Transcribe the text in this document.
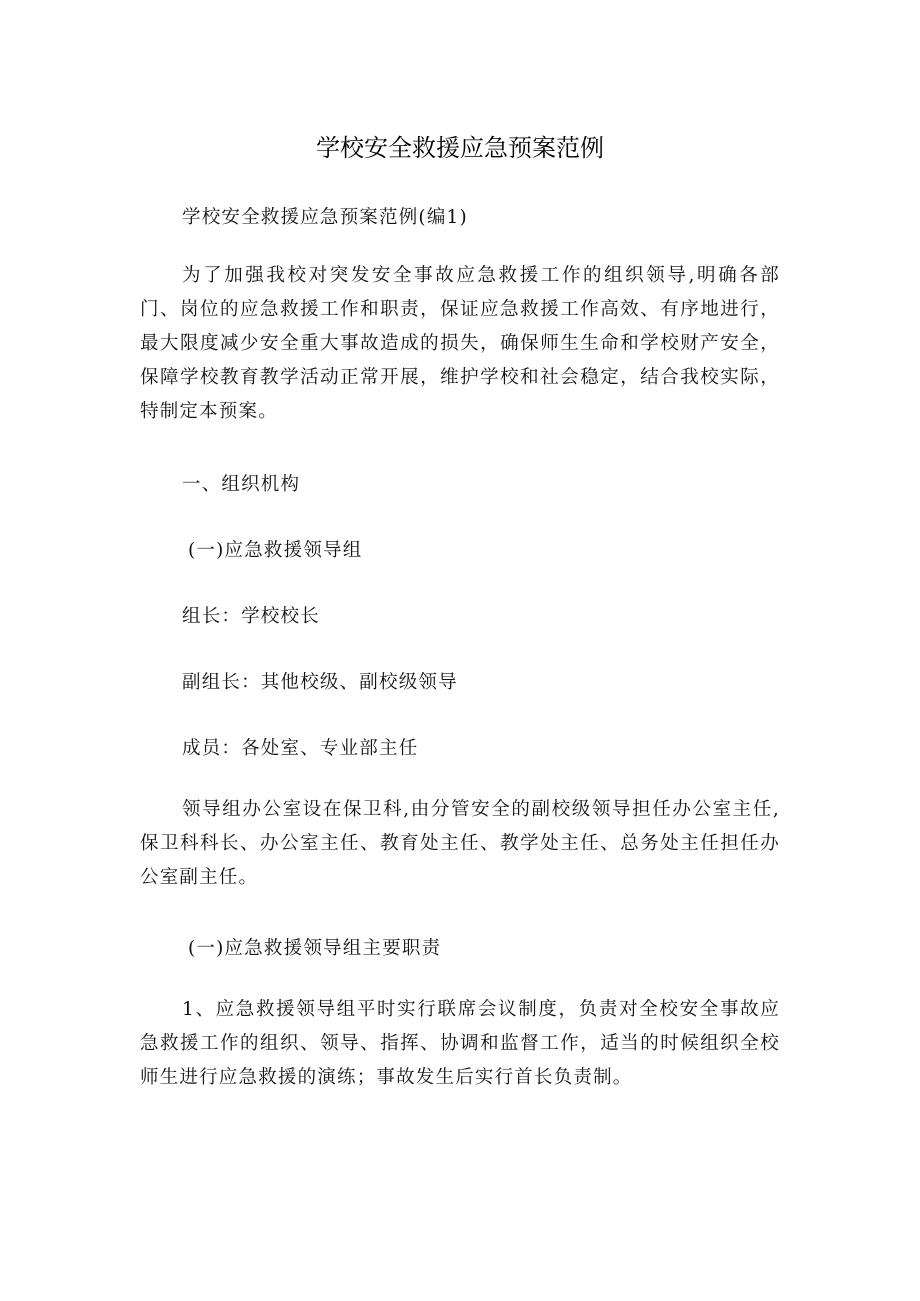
学校安全救援应急预案范例
学校安全救援应急预案范例(编1)
为了加强我校对突发安全事故应急救援工作的组织领导,明确各部门、岗位的应急救援工作和职责，保证应急救援工作高效、有序地进行，最大限度减少安全重大事故造成的损失，确保师生生命和学校财产安全，保障学校教育教学活动正常开展，维护学校和社会稳定，结合我校实际，特制定本预案。
一、组织机构
(一)应急救援领导组
组长：学校校长
副组长：其他校级、副校级领导
成员：各处室、专业部主任
领导组办公室设在保卫科,由分管安全的副校级领导担任办公室主任,保卫科科长、办公室主任、教育处主任、教学处主任、总务处主任担任办公室副主任。
(一)应急救援领导组主要职责
1、应急救援领导组平时实行联席会议制度，负责对全校安全事故应急救援工作的组织、领导、指挥、协调和监督工作，适当的时候组织全校师生进行应急救援的演练；事故发生后实行首长负责制。
